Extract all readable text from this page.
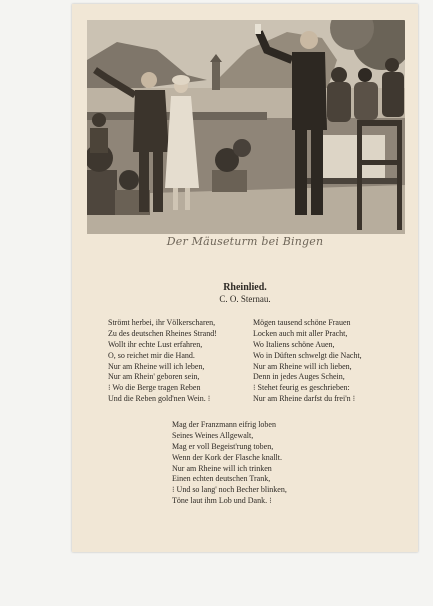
Der Mäuseturm bei Bingen
Rheinlied.
C. O. Sternau.
Strömt herbei, ihr Völkerscharen,
Zu des deutschen Rheines Strand!
Wollt ihr echte Lust erfahren,
O, so reichet mir die Hand.
Nur am Rheine will ich leben,
Nur am Rhein' geboren sein,
⁝ Wo die Berge tragen Reben
Und die Reben gold'nen Wein. ⁝
Mögen tausend schöne Frauen
Locken auch mit aller Pracht,
Wo Italiens schöne Auen,
Wo in Düften schwelgt die Nacht,
Nur am Rheine will ich lieben,
Denn in jedes Auges Schein,
⁝ Stehet feurig es geschrieben:
Nur am Rheine darfst du frei'n ⁝
Mag der Franzmann eifrig loben
Seines Weines Allgewalt,
Mag er voll Begeist'rung toben,
Wenn der Kork der Flasche knallt.
Nur am Rheine will ich trinken
Einen echten deutschen Trank,
⁝ Und so lang' noch Becher blinken,
Töne laut ihm Lob und Dank. ⁝
